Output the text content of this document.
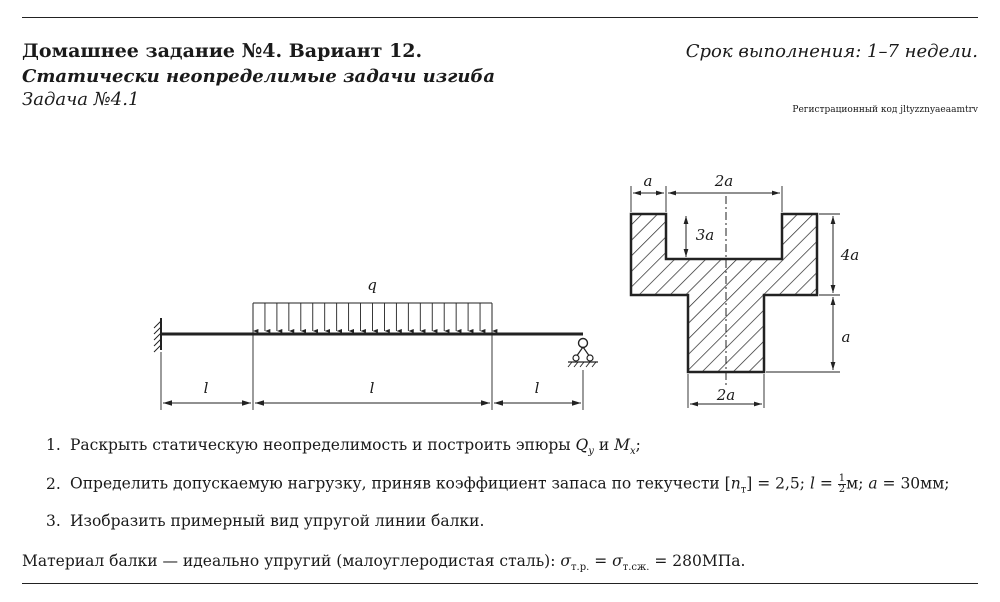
Домашнее задание №4. Вариант 12.
Статически неопределимые задачи изгиба
Задача №4.1
Срок выполнения: 1–7 недели.
Регистрационный код jltyzznyaeaamtrv
q
l	l	l
a	2a
3a
4a
a
2a
1. Раскрыть статическую неопределимость и построить эпюры $Q_y$ и $M_x$;
2. Определить допускаемую нагрузку, приняв коэффициент запаса по текучести $[n_т] = 2,5$; $l = \frac{1}{2} м$; a = 30мм;
3. Изобразить примерный вид упругой линии балки.
Материал балки — идеально упругий (малоуглеродистая сталь): $\sigma_{т.р.} = \sigma_{т.сж.} = 280МПа$.
